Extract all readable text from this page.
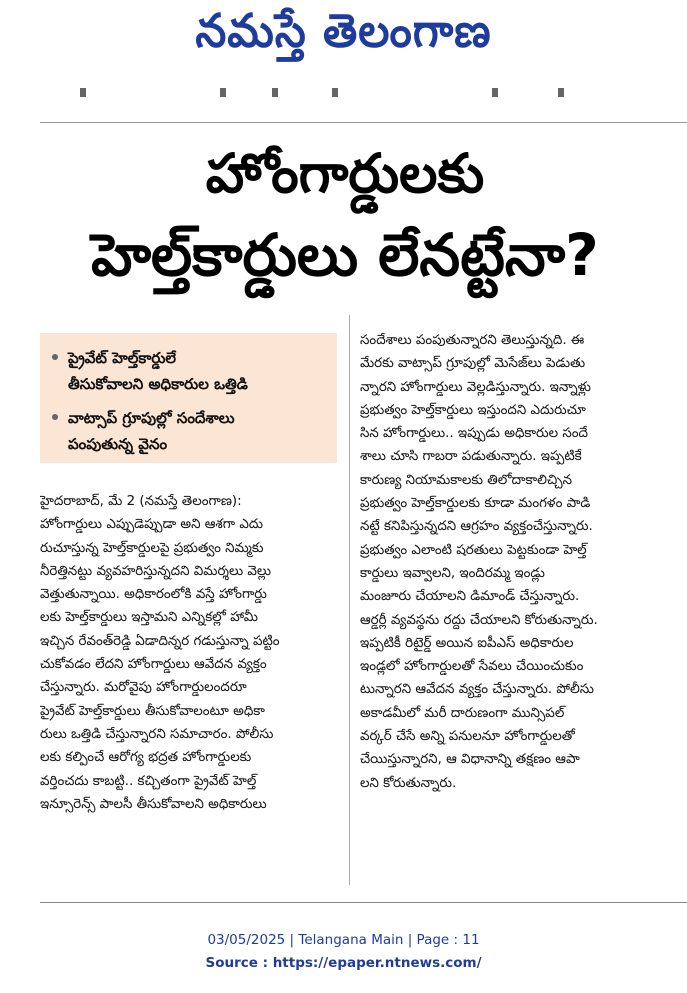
నమస్తే తెలంగాణ
హోంగార్డులకు
హెల్త్‌కార్డులు లేనట్టేనా?
ప్రైవేట్ హెల్త్‌కార్డులే
తీసుకోవాలని అధికారుల ఒత్తిడి
వాట్సాప్ గ్రూపుల్లో సందేశాలు
పంపుతున్న వైనం

హైదరాబాద్, మే 2 (నమస్తే తెలంగాణ):

హోంగార్డులు ఎప్పుడెప్పుడా అని ఆశగా ఎదు

రుచూస్తున్న హెల్త్‌కార్డులపై ప్రభుత్వం నిమ్మకు

నీరెత్తినట్టు వ్యవహరిస్తున్నదని విమర్శలు వెల్లు

వెత్తుతున్నాయి. అధికారంలోకి వస్తే హోంగార్డు

లకు హెల్త్‌కార్డులు ఇస్తామని ఎన్నికల్లో హామీ

ఇచ్చిన రేవంత్‌రెడ్డి ఏడాదిన్నర గడుస్తున్నా పట్టిం

చుకోవడం లేదని హోంగార్డులు ఆవేదన వ్యక్తం

చేస్తున్నారు. మరోవైపు హోంగార్డులందరూ

ప్రైవేట్ హెల్త్‌కార్డులు తీసుకోవాలంటూ అధికా

రులు ఒత్తిడి చేస్తున్నారని సమాచారం. పోలీసు

లకు కల్పించే ఆరోగ్య భద్రత హోంగార్డులకు

వర్తించదు కాబట్టి.. కచ్చితంగా ప్రైవేట్ హెల్త్

ఇన్సూరెన్స్ పాలసీ తీసుకోవాలని అధికారులు

సందేశాలు పంపుతున్నారని తెలుస్తున్నది. ఈ

మేరకు వాట్సాప్ గ్రూపుల్లో మెసేజ్‌లు పెడుతు

న్నారని హోంగార్డులు వెల్లడిస్తున్నారు. ఇన్నాళ్లు

ప్రభుత్వం హెల్త్‌కార్డులు ఇస్తుందని ఎదురుచూ

సిన హోంగార్డులు.. ఇప్పుడు అధికారుల సందే

శాలు చూసి గాబరా పడుతున్నారు. ఇప్పటికే

కారుణ్య నియామకాలకు తిలోదాకాలిచ్చిన

ప్రభుత్వం హెల్త్‌కార్డులకు కూడా మంగళం పాడి

నట్టే కనిపిస్తున్నదని ఆగ్రహం వ్యక్తంచేస్తున్నారు.

ప్రభుత్వం ఎలాంటి షరతులు పెట్టకుండా హెల్త్

కార్డులు ఇవ్వాలని, ఇందిరమ్మ ఇండ్లు

మంజూరు చేయాలని డిమాండ్ చేస్తున్నారు.

ఆర్డర్లీ వ్యవస్థను రద్దు చేయాలని కోరుతున్నారు.

ఇప్పటికీ రిటైర్డ్ అయిన ఐపీఎస్ అధికారుల

ఇండ్లలో హోంగార్డులతో సేవలు చేయించుకుం

టున్నారని ఆవేదన వ్యక్తం చేస్తున్నారు. పోలీసు

అకాడమీలో మరీ దారుణంగా మున్సిపల్

వర్కర్ చేసే అన్ని పనులనూ హోంగార్డులతో

చేయిస్తున్నారని, ఆ విధానాన్ని తక్షణం ఆపా

లని కోరుతున్నారు.

03/05/2025 | Telangana Main | Page : 11
Source : https://epaper.ntnews.com/
